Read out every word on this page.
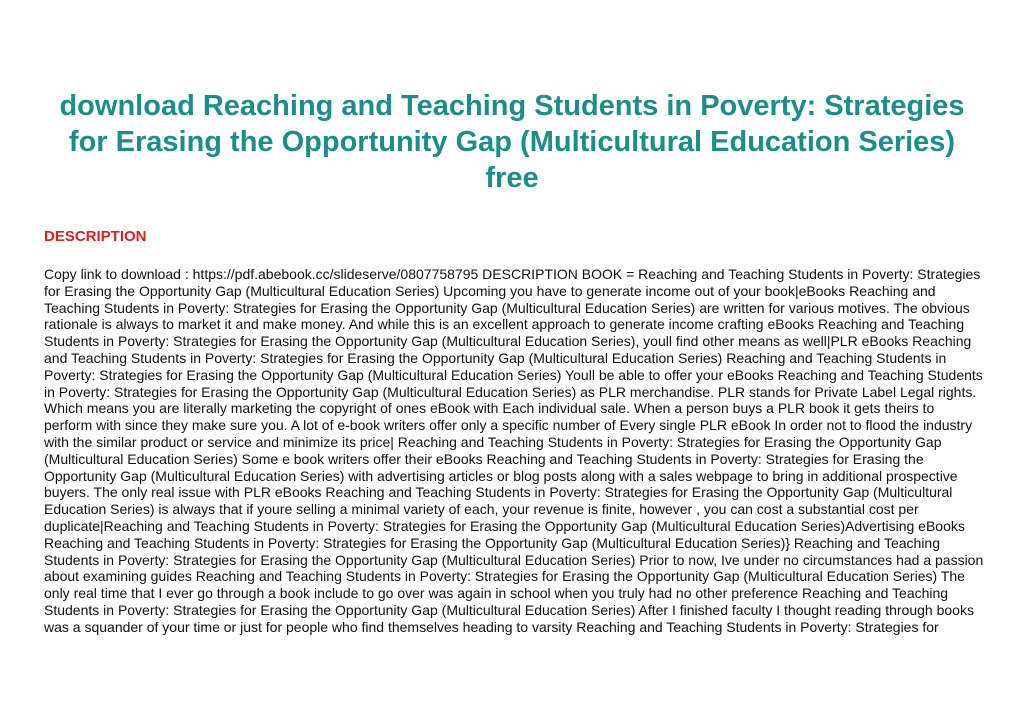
download Reaching and Teaching Students in Poverty: Strategies for Erasing the Opportunity Gap (Multicultural Education Series) free
DESCRIPTION

Copy link to download : https://pdf.abebook.cc/slideserve/0807758795 DESCRIPTION BOOK = Reaching and Teaching Students in Poverty: Strategies for Erasing the Opportunity Gap (Multicultural Education Series) Upcoming you have to generate income out of your book|eBooks Reaching and Teaching Students in Poverty: Strategies for Erasing the Opportunity Gap (Multicultural Education Series) are written for various motives. The obvious rationale is always to market it and make money. And while this is an excellent approach to generate income crafting eBooks Reaching and Teaching Students in Poverty: Strategies for Erasing the Opportunity Gap (Multicultural Education Series), youll find other means as well|PLR eBooks Reaching and Teaching Students in Poverty: Strategies for Erasing the Opportunity Gap (Multicultural Education Series) Reaching and Teaching Students in Poverty: Strategies for Erasing the Opportunity Gap (Multicultural Education Series) Youll be able to offer your eBooks Reaching and Teaching Students in Poverty: Strategies for Erasing the Opportunity Gap (Multicultural Education Series) as PLR merchandise. PLR stands for Private Label Legal rights. Which means you are literally marketing the copyright of ones eBook with Each individual sale. When a person buys a PLR book it gets theirs to perform with since they make sure you. A lot of e-book writers offer only a specific number of Every single PLR eBook In order not to flood the industry with the similar product or service and minimize its price| Reaching and Teaching Students in Poverty: Strategies for Erasing the Opportunity Gap (Multicultural Education Series) Some e book writers offer their eBooks Reaching and Teaching Students in Poverty: Strategies for Erasing the Opportunity Gap (Multicultural Education Series) with advertising articles or blog posts along with a sales webpage to bring in additional prospective buyers. The only real issue with PLR eBooks Reaching and Teaching Students in Poverty: Strategies for Erasing the Opportunity Gap (Multicultural Education Series) is always that if youre selling a minimal variety of each, your revenue is finite, however , you can cost a substantial cost per duplicate|Reaching and Teaching Students in Poverty: Strategies for Erasing the Opportunity Gap (Multicultural Education Series)Advertising eBooks Reaching and Teaching Students in Poverty: Strategies for Erasing the Opportunity Gap (Multicultural Education Series)} Reaching and Teaching Students in Poverty: Strategies for Erasing the Opportunity Gap (Multicultural Education Series) Prior to now, Ive under no circumstances had a passion about examining guides Reaching and Teaching Students in Poverty: Strategies for Erasing the Opportunity Gap (Multicultural Education Series) The only real time that I ever go through a book include to go over was again in school when you truly had no other preference Reaching and Teaching Students in Poverty: Strategies for Erasing the Opportunity Gap (Multicultural Education Series) After I finished faculty I thought reading through books was a squander of your time or just for people who find themselves heading to varsity Reaching and Teaching Students in Poverty: Strategies for
